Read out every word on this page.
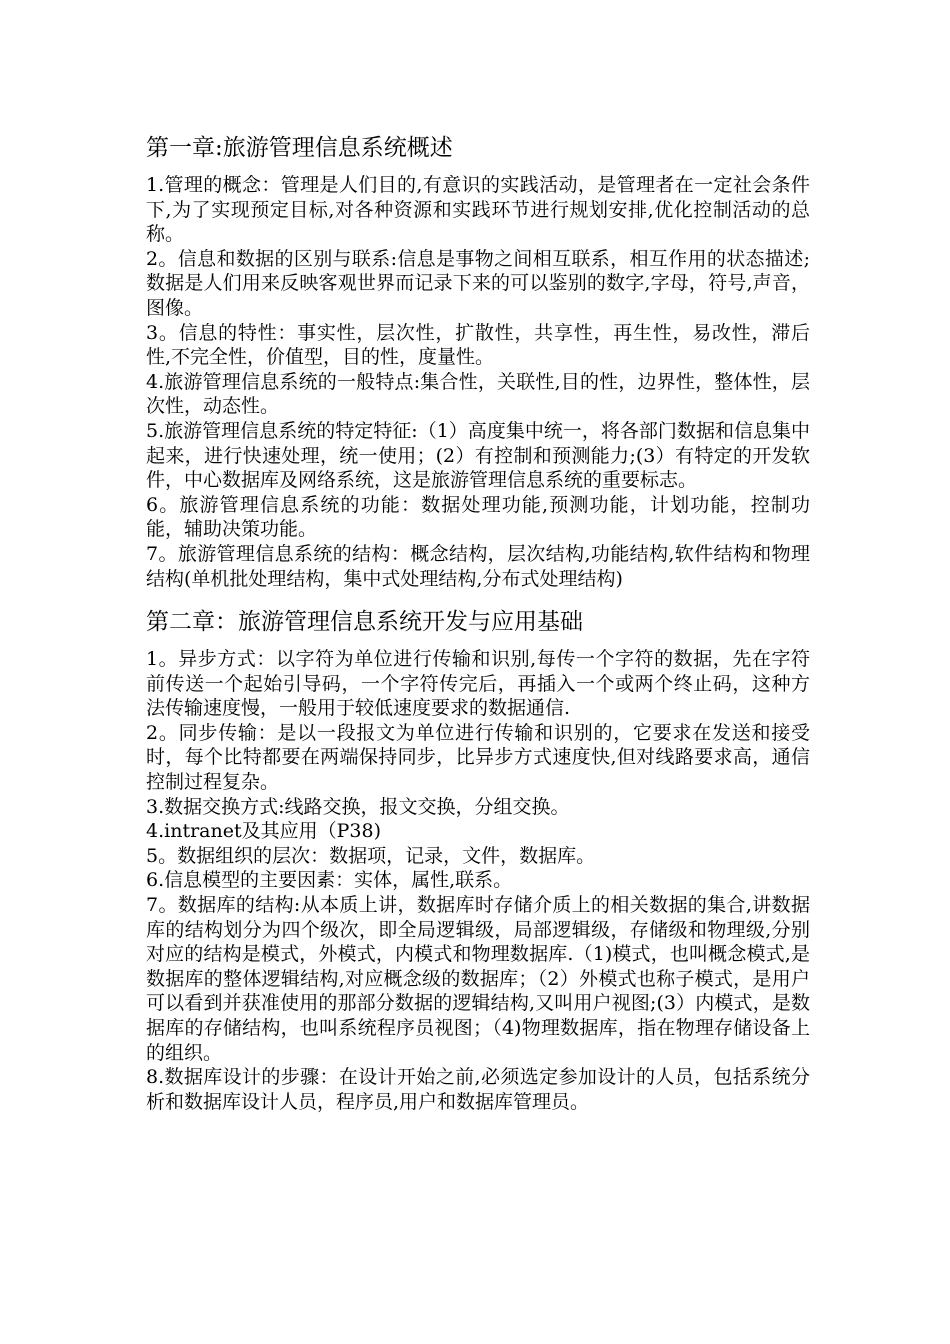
第一章:旅游管理信息系统概述

1.管理的概念：管理是人们目的,有意识的实践活动，是管理者在一定社会条件下,为了实现预定目标,对各种资源和实践环节进行规划安排,优化控制活动的总称。

2。信息和数据的区别与联系:信息是事物之间相互联系，相互作用的状态描述;数据是人们用来反映客观世界而记录下来的可以鉴别的数字,字母，符号,声音，图像。

3。信息的特性：事实性，层次性，扩散性，共享性，再生性，易改性，滞后性,不完全性，价值型，目的性，度量性。

4.旅游管理信息系统的一般特点:集合性，关联性,目的性，边界性，整体性，层次性，动态性。

5.旅游管理信息系统的特定特征:（1）高度集中统一，将各部门数据和信息集中起来，进行快速处理，统一使用；(2）有控制和预测能力;(3）有特定的开发软件，中心数据库及网络系统，这是旅游管理信息系统的重要标志。

6。旅游管理信息系统的功能：数据处理功能,预测功能，计划功能，控制功能，辅助决策功能。

7。旅游管理信息系统的结构：概念结构，层次结构,功能结构,软件结构和物理结构(单机批处理结构，集中式处理结构,分布式处理结构)

第二章：旅游管理信息系统开发与应用基础

1。异步方式：以字符为单位进行传输和识别,每传一个字符的数据，先在字符前传送一个起始引导码，一个字符传完后，再插入一个或两个终止码，这种方法传输速度慢，一般用于较低速度要求的数据通信.

2。同步传输：是以一段报文为单位进行传输和识别的，它要求在发送和接受时，每个比特都要在两端保持同步，比异步方式速度快,但对线路要求高，通信控制过程复杂。

3.数据交换方式:线路交换，报文交换，分组交换。

4.intranet及其应用（P38)

5。数据组织的层次：数据项，记录，文件，数据库。

6.信息模型的主要因素：实体，属性,联系。

7。数据库的结构:从本质上讲，数据库时存储介质上的相关数据的集合,讲数据库的结构划分为四个级次，即全局逻辑级，局部逻辑级，存储级和物理级,分别对应的结构是模式，外模式，内模式和物理数据库.（1)模式，也叫概念模式,是数据库的整体逻辑结构,对应概念级的数据库；（2）外模式也称子模式，是用户可以看到并获准使用的那部分数据的逻辑结构,又叫用户视图;(3）内模式，是数据库的存储结构，也叫系统程序员视图；（4)物理数据库，指在物理存储设备上的组织。

8.数据库设计的步骤：在设计开始之前,必须选定参加设计的人员，包括系统分析和数据库设计人员，程序员,用户和数据库管理员。
